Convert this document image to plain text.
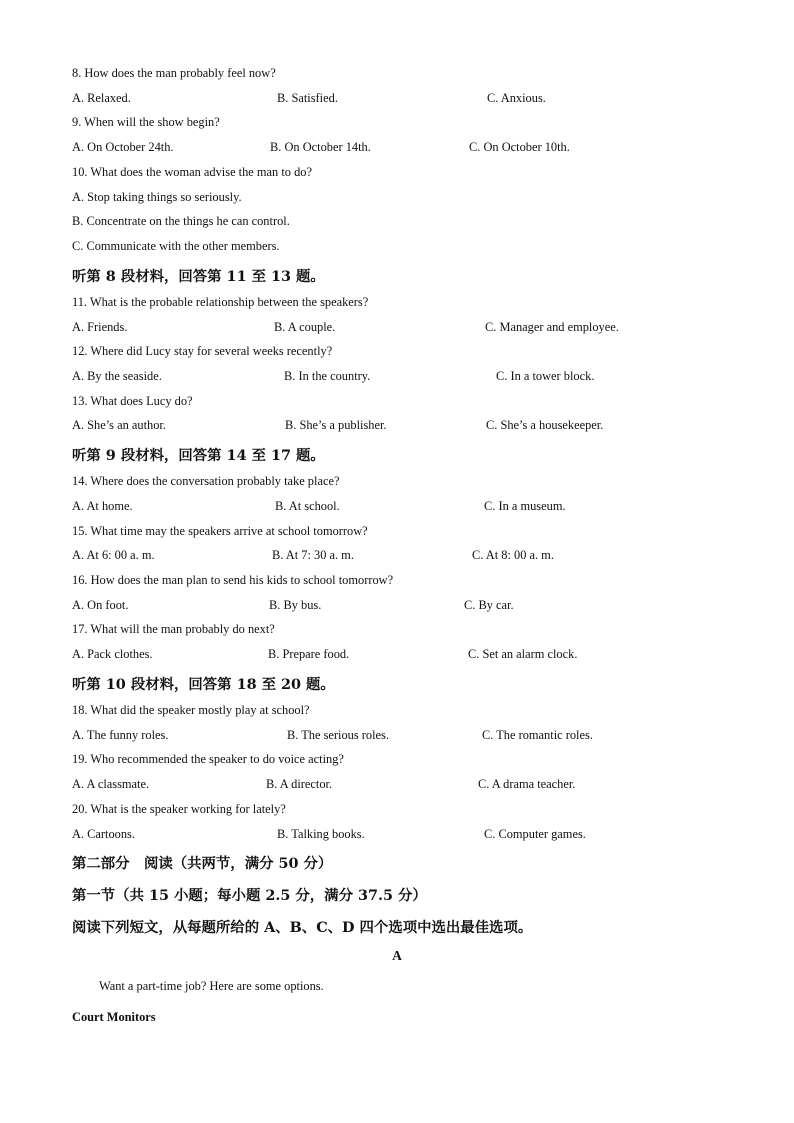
8. How does the man probably feel now?
A. Relaxed.	B. Satisfied.	C. Anxious.
9. When will the show begin?
A. On October 24th.	B. On October 14th.	C. On October 10th.
10. What does the woman advise the man to do?
A. Stop taking things so seriously.
B. Concentrate on the things he can control.
C. Communicate with the other members.
听第 8 段材料，回答第 11 至 13 题。
11. What is the probable relationship between the speakers?
A. Friends.	B. A couple.	C. Manager and employee.
12. Where did Lucy stay for several weeks recently?
A. By the seaside.	B. In the country.	C. In a tower block.
13. What does Lucy do?
A. She’s an author.	B. She’s a publisher.	C. She’s a housekeeper.
听第 9 段材料，回答第 14 至 17 题。
14. Where does the conversation probably take place?
A. At home.	B. At school.	C. In a museum.
15. What time may the speakers arrive at school tomorrow?
A. At 6: 00 a. m.	B. At 7: 30 a. m.	C. At 8: 00 a. m.
16. How does the man plan to send his kids to school tomorrow?
A. On foot.	B. By bus.	C. By car.
17. What will the man probably do next?
A. Pack clothes.	B. Prepare food.	C. Set an alarm clock.
听第 10 段材料，回答第 18 至 20 题。
18. What did the speaker mostly play at school?
A. The funny roles.	B. The serious roles.	C. The romantic roles.
19. Who recommended the speaker to do voice acting?
A. A classmate.	B. A director.	C. A drama teacher.
20. What is the speaker working for lately?
A. Cartoons.	B. Talking books.	C. Computer games.
第二部分　阅读（共两节，满分 50 分）
第一节（共 15 小题；每小题 2.5 分，满分 37.5 分）
阅读下列短文，从每题所给的 A、B、C、D 四个选项中选出最佳选项。
A
Want a part-time job? Here are some options.
Court Monitors
